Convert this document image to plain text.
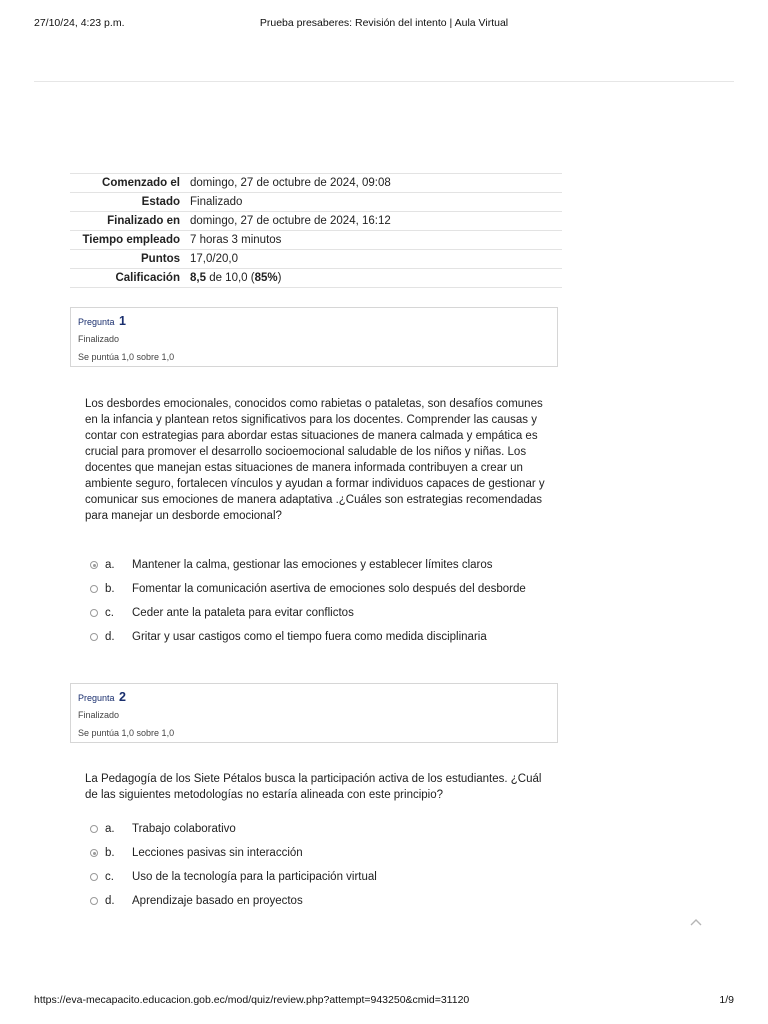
27/10/24, 4:23 p.m.	Prueba presaberes: Revisión del intento | Aula Virtual
Comenzado el	domingo, 27 de octubre de 2024, 09:08
Estado	Finalizado
Finalizado en	domingo, 27 de octubre de 2024, 16:12
Tiempo empleado	7 horas 3 minutos
Puntos	17,0/20,0
Calificación	8,5 de 10,0 (85%)
Pregunta 1
Finalizado
Se puntúa 1,0 sobre 1,0
Los desbordes emocionales, conocidos como rabietas o pataletas, son desafíos comunes en la infancia y plantean retos significativos para los docentes. Comprender las causas y contar con estrategias para abordar estas situaciones de manera calmada y empática es crucial para promover el desarrollo socioemocional saludable de los niños y niñas. Los docentes que manejan estas situaciones de manera informada contribuyen a crear un ambiente seguro, fortalecen vínculos y ayudan a formar individuos capaces de gestionar y comunicar sus emociones de manera adaptativa .¿Cuáles son estrategias recomendadas para manejar un desborde emocional?
a.	Mantener la calma, gestionar las emociones y establecer límites claros
b.	Fomentar la comunicación asertiva de emociones solo después del desborde
c.	Ceder ante la pataleta para evitar conflictos
d.	Gritar y usar castigos como el tiempo fuera como medida disciplinaria
Pregunta 2
Finalizado
Se puntúa 1,0 sobre 1,0
La Pedagogía de los Siete Pétalos busca la participación activa de los estudiantes. ¿Cuál de las siguientes metodologías no estaría alineada con este principio?
a.	Trabajo colaborativo
b.	Lecciones pasivas sin interacción
c.	Uso de la tecnología para la participación virtual
d.	Aprendizaje basado en proyectos
https://eva-mecapacito.educacion.gob.ec/mod/quiz/review.php?attempt=943250&cmid=31120	1/9
